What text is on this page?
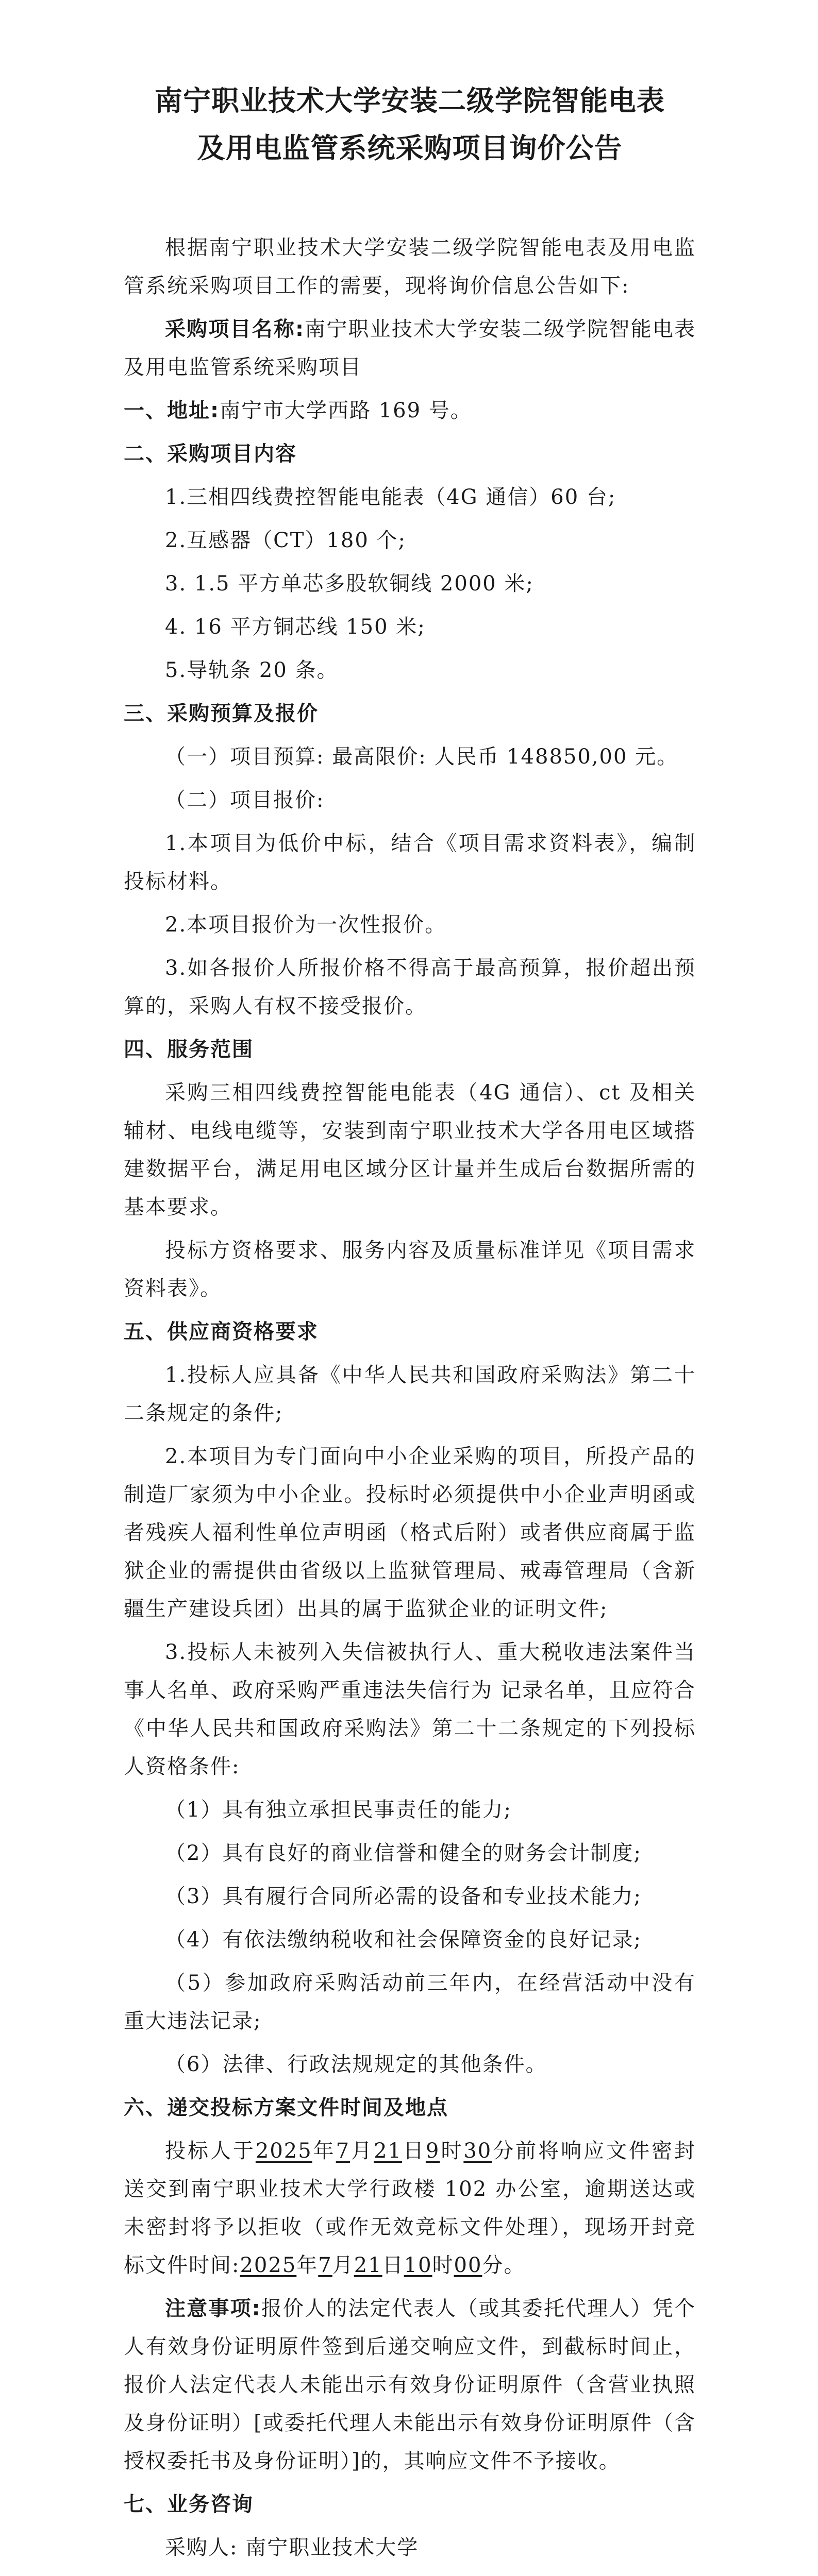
南宁职业技术大学安装二级学院智能电表
及用电监管系统采购项目询价公告

根据南宁职业技术大学安装二级学院智能电表及用电监管系统采购项目工作的需要，现将询价信息公告如下:

采购项目名称:南宁职业技术大学安装二级学院智能电表及用电监管系统采购项目

一、地址:南宁市大学西路 169 号。

二、采购项目内容

1.三相四线费控智能电能表（4G 通信）60 台;

2.互感器（CT）180 个;

3. 1.5 平方单芯多股软铜线 2000 米;

4. 16 平方铜芯线 150 米;

5.导轨条 20 条。

三、采购预算及报价

（一）项目预算: 最高限价: 人民币 148850,00 元。

（二）项目报价:

1.本项目为低价中标，结合《项目需求资料表》，编制投标材料。

2.本项目报价为一次性报价。

3.如各报价人所报价格不得高于最高预算，报价超出预算的，采购人有权不接受报价。

四、服务范围

采购三相四线费控智能电能表（4G 通信）、ct 及相关辅材、电线电缆等，安装到南宁职业技术大学各用电区域搭建数据平台，满足用电区域分区计量并生成后台数据所需的基本要求。

投标方资格要求、服务内容及质量标准详见《项目需求资料表》。

五、供应商资格要求

1.投标人应具备《中华人民共和国政府采购法》第二十二条规定的条件;

2.本项目为专门面向中小企业采购的项目，所投产品的制造厂家须为中小企业。投标时必须提供中小企业声明函或者残疾人福利性单位声明函（格式后附）或者供应商属于监狱企业的需提供由省级以上监狱管理局、戒毒管理局（含新疆生产建设兵团）出具的属于监狱企业的证明文件;

3.投标人未被列入失信被执行人、重大税收违法案件当事人名单、政府采购严重违法失信行为 记录名单，且应符合《中华人民共和国政府采购法》第二十二条规定的下列投标人资格条件:

（1）具有独立承担民事责任的能力;

（2）具有良好的商业信誉和健全的财务会计制度;

（3）具有履行合同所必需的设备和专业技术能力;

（4）有依法缴纳税收和社会保障资金的良好记录;

（5）参加政府采购活动前三年内，在经营活动中没有重大违法记录;

（6）法律、行政法规规定的其他条件。

六、递交投标方案文件时间及地点

投标人于2025年7月21日9时30分前将响应文件密封送交到南宁职业技术大学行政楼 102 办公室，逾期送达或未密封将予以拒收（或作无效竞标文件处理），现场开封竞标文件时间:2025年7月21日10时00分。

注意事项:报价人的法定代表人（或其委托代理人）凭个人有效身份证明原件签到后递交响应文件，到截标时间止，报价人法定代表人未能出示有效身份证明原件（含营业执照及身份证明）[或委托代理人未能出示有效身份证明原件（含授权委托书及身份证明）]的，其响应文件不予接收。

七、业务咨询

采购人: 南宁职业技术大学
